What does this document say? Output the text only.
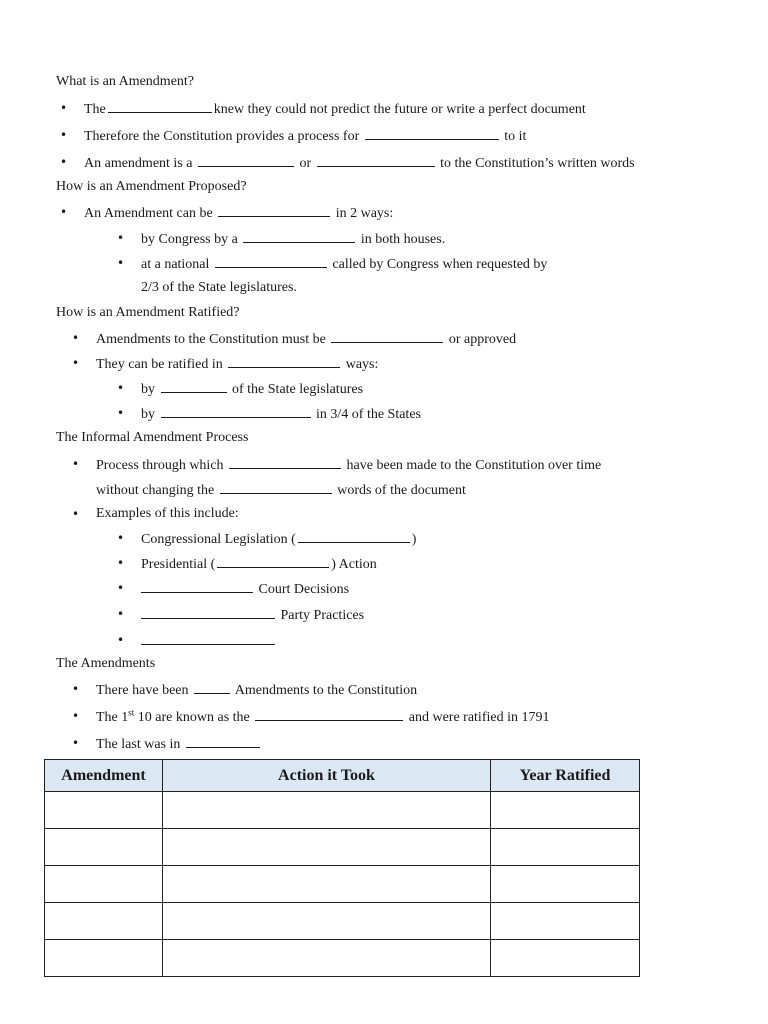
What is an Amendment?
• The	knew they could not predict the future or write a perfect document
• Therefore the Constitution provides a process for	to it
• An amendment is a	or	to the Constitution’s written words
How is an Amendment Proposed?
• An Amendment can be	in 2 ways:
• by Congress by a	in both houses.
• at a national	called by Congress when requested by
2/3 of the State legislatures.
How is an Amendment Ratified?
• Amendments to the Constitution must be	or approved
• They can be ratified in	ways:
• by	of the State legislatures
• by	in 3/4 of the States
The Informal Amendment Process
• Process through which	have been made to the Constitution over time
without changing the	words of the document
• Examples of this include:
• Congressional Legislation (	)
• Presidential (	) Action
• Court Decisions
• Party Practices
•
The Amendments
• There have been	Amendments to the Constitution
• The 1st 10 are known as the	and were ratified in 1791
• The last was in
Amendment	Action it Took	Year Ratified
